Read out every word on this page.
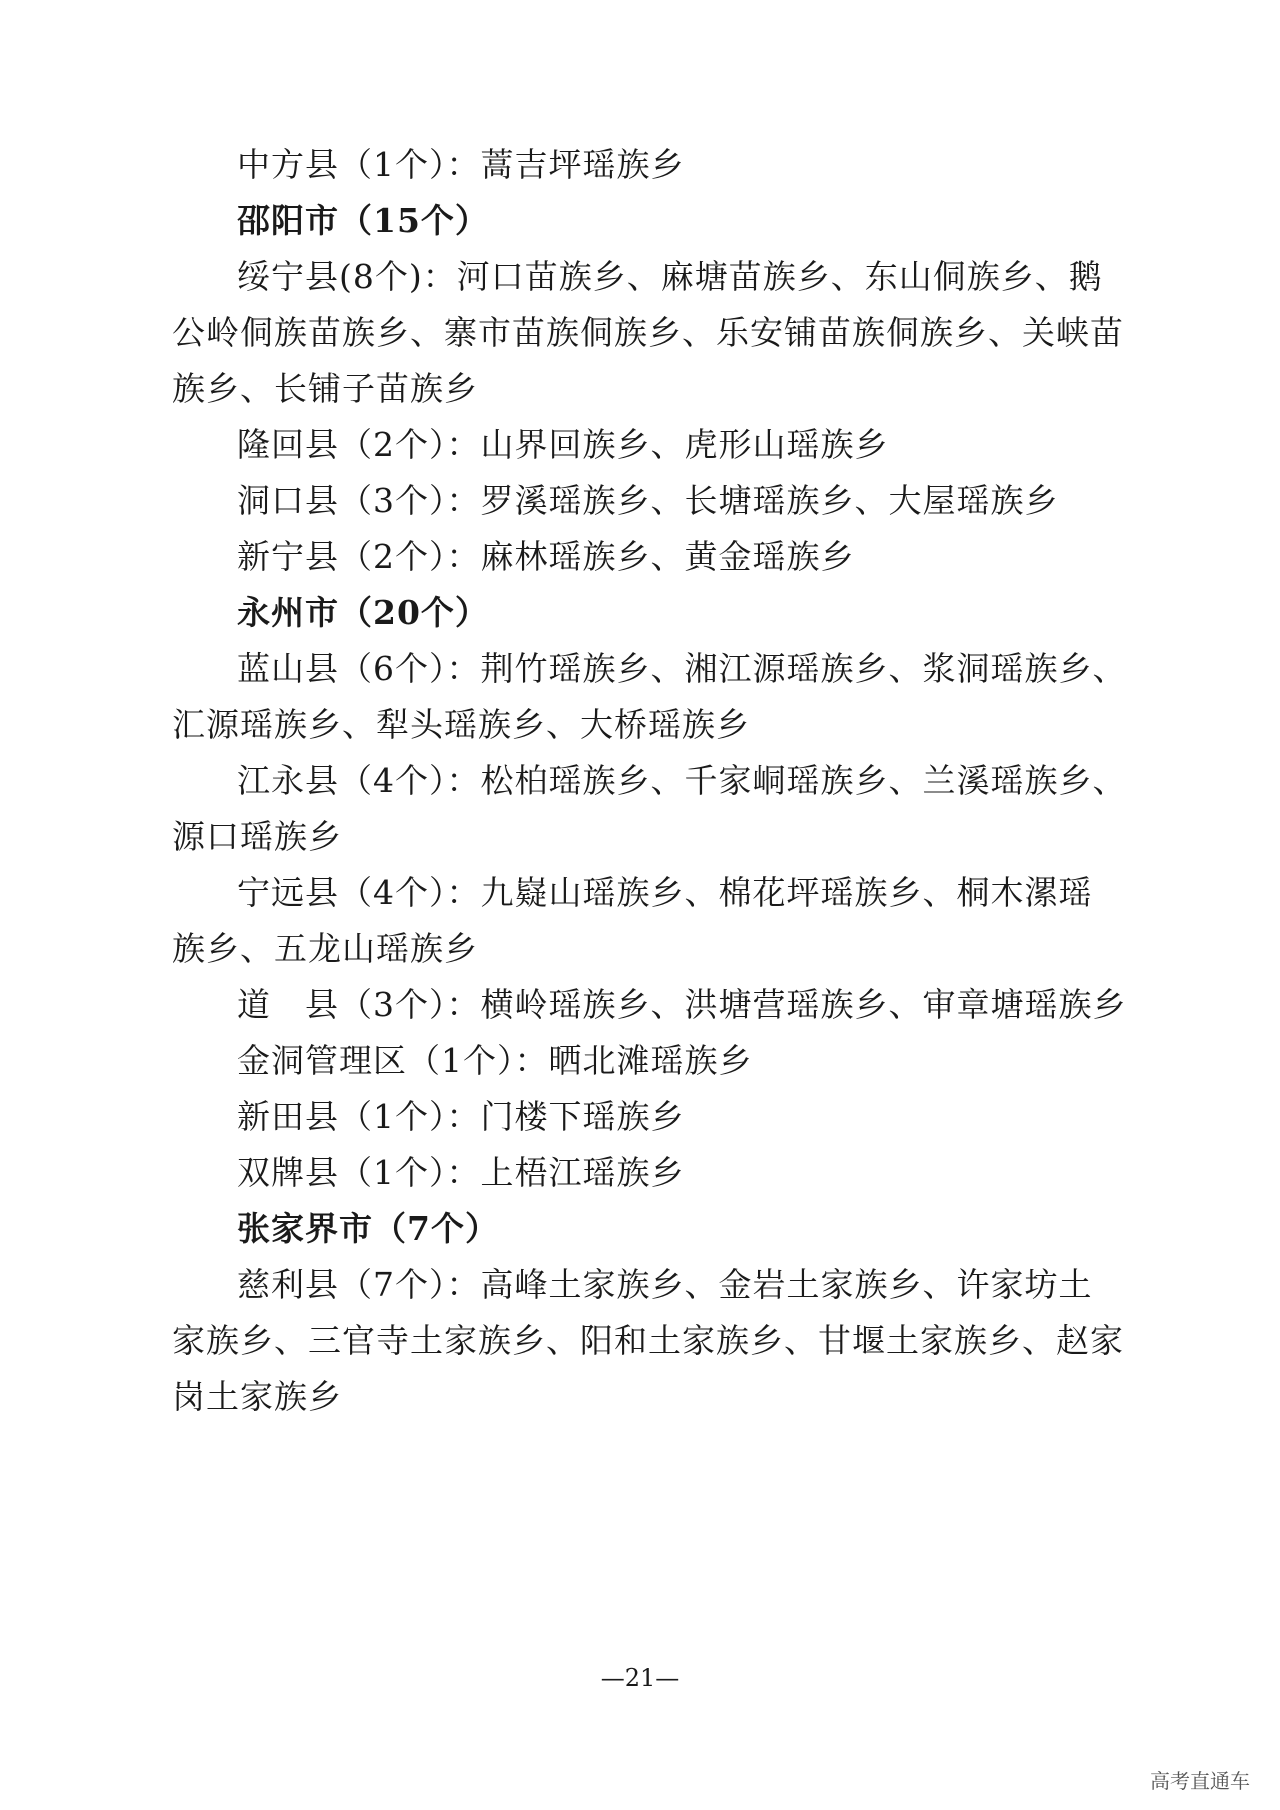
中方县（1个）：蒿吉坪瑶族乡
邵阳市（15个）
绥宁县(8个)：河口苗族乡、麻塘苗族乡、东山侗族乡、鹅
公岭侗族苗族乡、寨市苗族侗族乡、乐安铺苗族侗族乡、关峡苗
族乡、长铺子苗族乡
隆回县（2个）：山界回族乡、虎形山瑶族乡
洞口县（3个）：罗溪瑶族乡、长塘瑶族乡、大屋瑶族乡
新宁县（2个）：麻林瑶族乡、黄金瑶族乡
永州市（20个）
蓝山县（6个）：荆竹瑶族乡、湘江源瑶族乡、浆洞瑶族乡、
汇源瑶族乡、犁头瑶族乡、大桥瑶族乡
江永县（4个）：松柏瑶族乡、千家峒瑶族乡、兰溪瑶族乡、
源口瑶族乡
宁远县（4个）：九嶷山瑶族乡、棉花坪瑶族乡、桐木漯瑶
族乡、五龙山瑶族乡
道　县（3个）：横岭瑶族乡、洪塘营瑶族乡、审章塘瑶族乡
金洞管理区（1个）：晒北滩瑶族乡
新田县（1个）：门楼下瑶族乡
双牌县（1个）：上梧江瑶族乡
张家界市（7个）
慈利县（7个）：高峰土家族乡、金岩土家族乡、许家坊土
家族乡、三官寺土家族乡、阳和土家族乡、甘堰土家族乡、赵家
岗土家族乡
—21—
高考直通车
